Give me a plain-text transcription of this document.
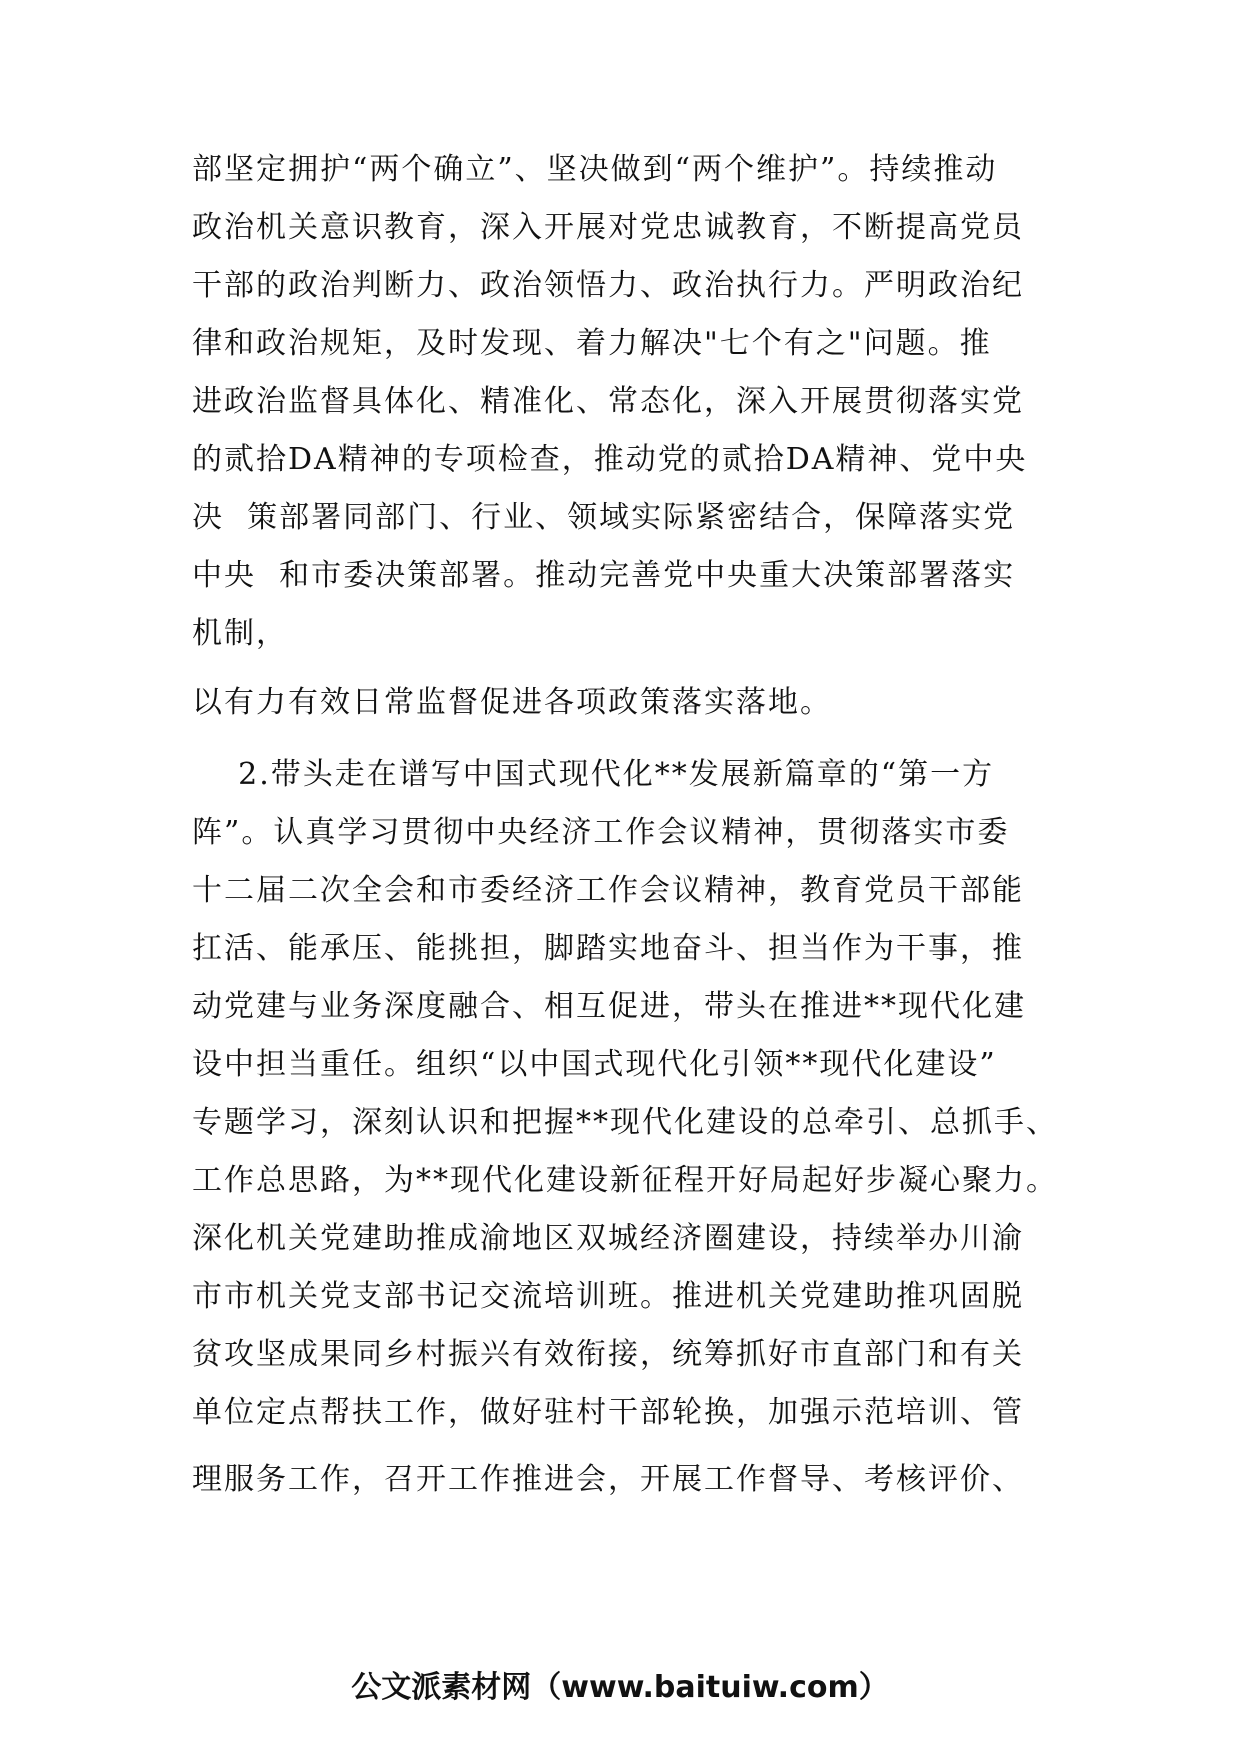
部坚定拥护“两个确立”、坚决做到“两个维护”。持续推动
政治机关意识教育，深入开展对党忠诚教育，不断提高党员
干部的政治判断力、政治领悟力、政治执行力。严明政治纪
律和政治规矩，及时发现、着力解决"七个有之"问题。推
进政治监督具体化、精准化、常态化，深入开展贯彻落实党
的贰拾DA精神的专项检查，推动党的贰拾DA精神、党中央
决  策部署同部门、行业、领域实际紧密结合，保障落实党
中央  和市委决策部署。推动完善党中央重大决策部署落实
机制，
以有力有效日常监督促进各项政策落实落地。
2.带头走在谱写中国式现代化**发展新篇章的“第一方
阵”。认真学习贯彻中央经济工作会议精神，贯彻落实市委
十二届二次全会和市委经济工作会议精神，教育党员干部能
扛活、能承压、能挑担，脚踏实地奋斗、担当作为干事，推
动党建与业务深度融合、相互促进，带头在推进**现代化建
设中担当重任。组织“以中国式现代化引领**现代化建设”
专题学习，深刻认识和把握**现代化建设的总牵引、总抓手、
工作总思路，为**现代化建设新征程开好局起好步凝心聚力。
深化机关党建助推成渝地区双城经济圈建设，持续举办川渝
市市机关党支部书记交流培训班。推进机关党建助推巩固脱
贫攻坚成果同乡村振兴有效衔接，统筹抓好市直部门和有关
单位定点帮扶工作，做好驻村干部轮换，加强示范培训、管
理服务工作，召开工作推进会，开展工作督导、考核评价、
公文派素材网（www.baituiw.com）
